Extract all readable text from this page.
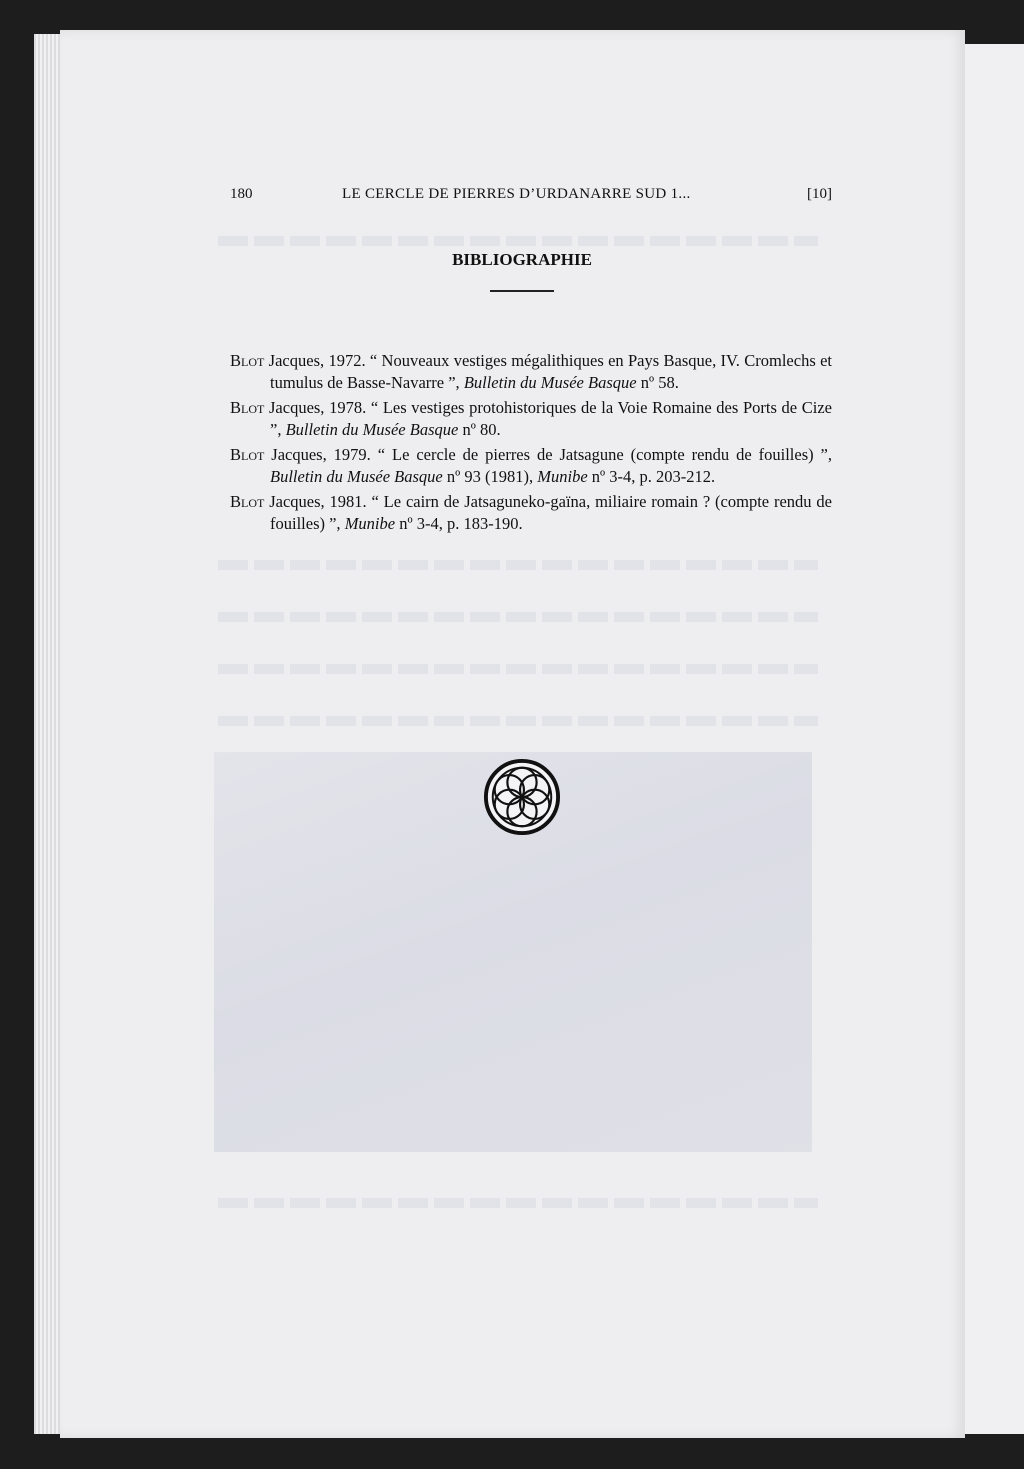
180	LE CERCLE DE PIERRES D’URDANARRE SUD 1...	[10]
BIBLIOGRAPHIE
Blot Jacques, 1972. “ Nouveaux vestiges mégalithiques en Pays Basque, IV. Cromlechs et tumulus de Basse-Navarre ”, Bulletin du Musée Basque nº 58.
Blot Jacques, 1978. “ Les vestiges protohistoriques de la Voie Romaine des Ports de Cize ”, Bulletin du Musée Basque nº 80.
Blot Jacques, 1979. “ Le cercle de pierres de Jatsagune (compte rendu de fouilles) ”, Bulletin du Musée Basque nº 93 (1981), Munibe nº 3-4, p. 203-212.
Blot Jacques, 1981. “ Le cairn de Jatsaguneko-gaïna, miliaire romain ? (compte rendu de fouilles) ”, Munibe nº 3-4, p. 183-190.
